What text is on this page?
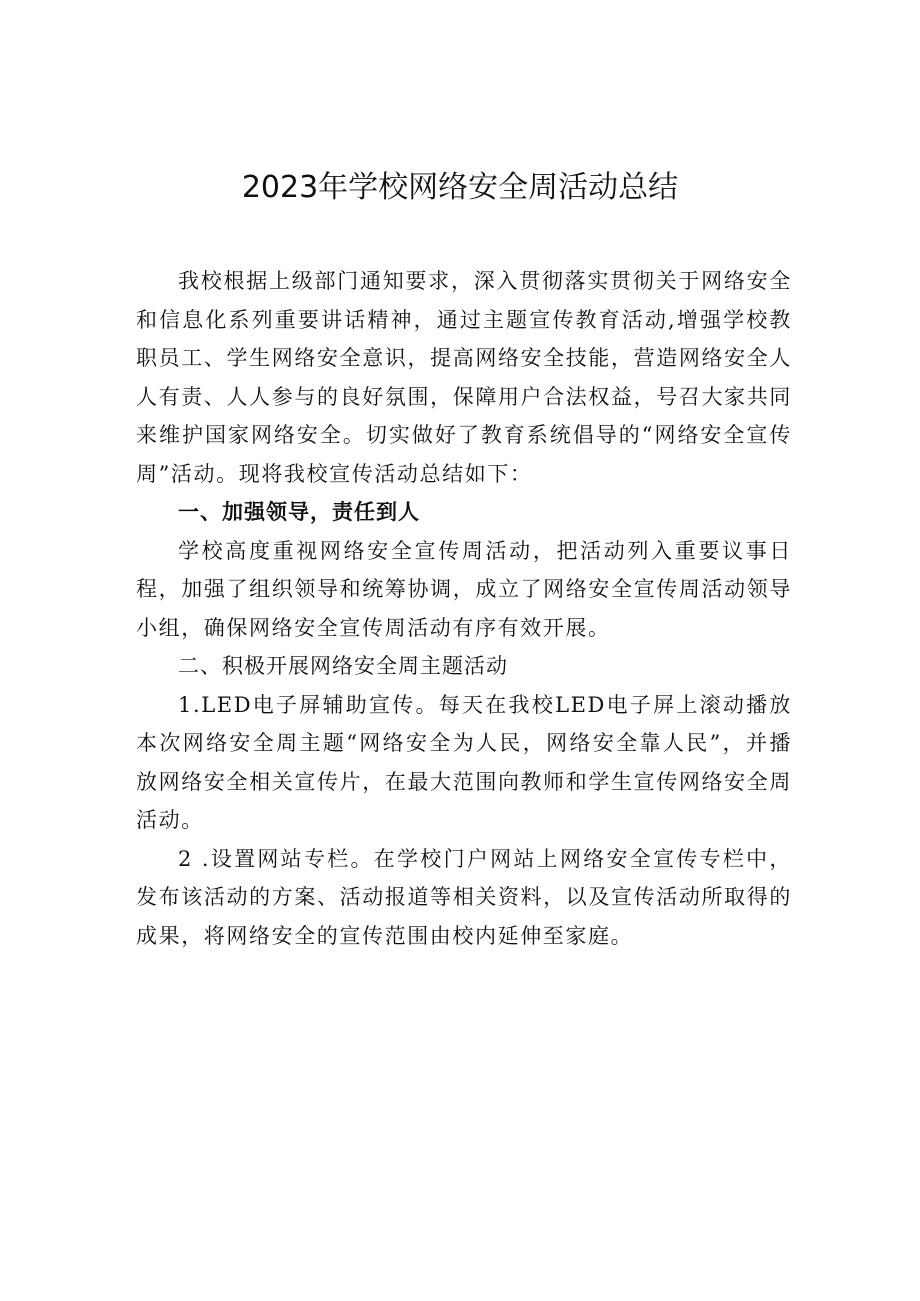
2023年学校网络安全周活动总结

我校根据上级部门通知要求，深入贯彻落实贯彻关于网络安全和信息化系列重要讲话精神，通过主题宣传教育活动,增强学校教职员工、学生网络安全意识，提高网络安全技能，营造网络安全人人有责、人人参与的良好氛围，保障用户合法权益，号召大家共同来维护国家网络安全。切实做好了教育系统倡导的“网络安全宣传周”活动。现将我校宣传活动总结如下：

一、加强领导，责任到人

学校高度重视网络安全宣传周活动，把活动列入重要议事日程，加强了组织领导和统筹协调，成立了网络安全宣传周活动领导小组，确保网络安全宣传周活动有序有效开展。

二、积极开展网络安全周主题活动

1.LED电子屏辅助宣传。每天在我校LED电子屏上滚动播放本次网络安全周主题“网络安全为人民，网络安全靠人民”，并播放网络安全相关宣传片，在最大范围向教师和学生宣传网络安全周活动。

2 .设置网站专栏。在学校门户网站上网络安全宣传专栏中，发布该活动的方案、活动报道等相关资料，以及宣传活动所取得的成果，将网络安全的宣传范围由校内延伸至家庭。
